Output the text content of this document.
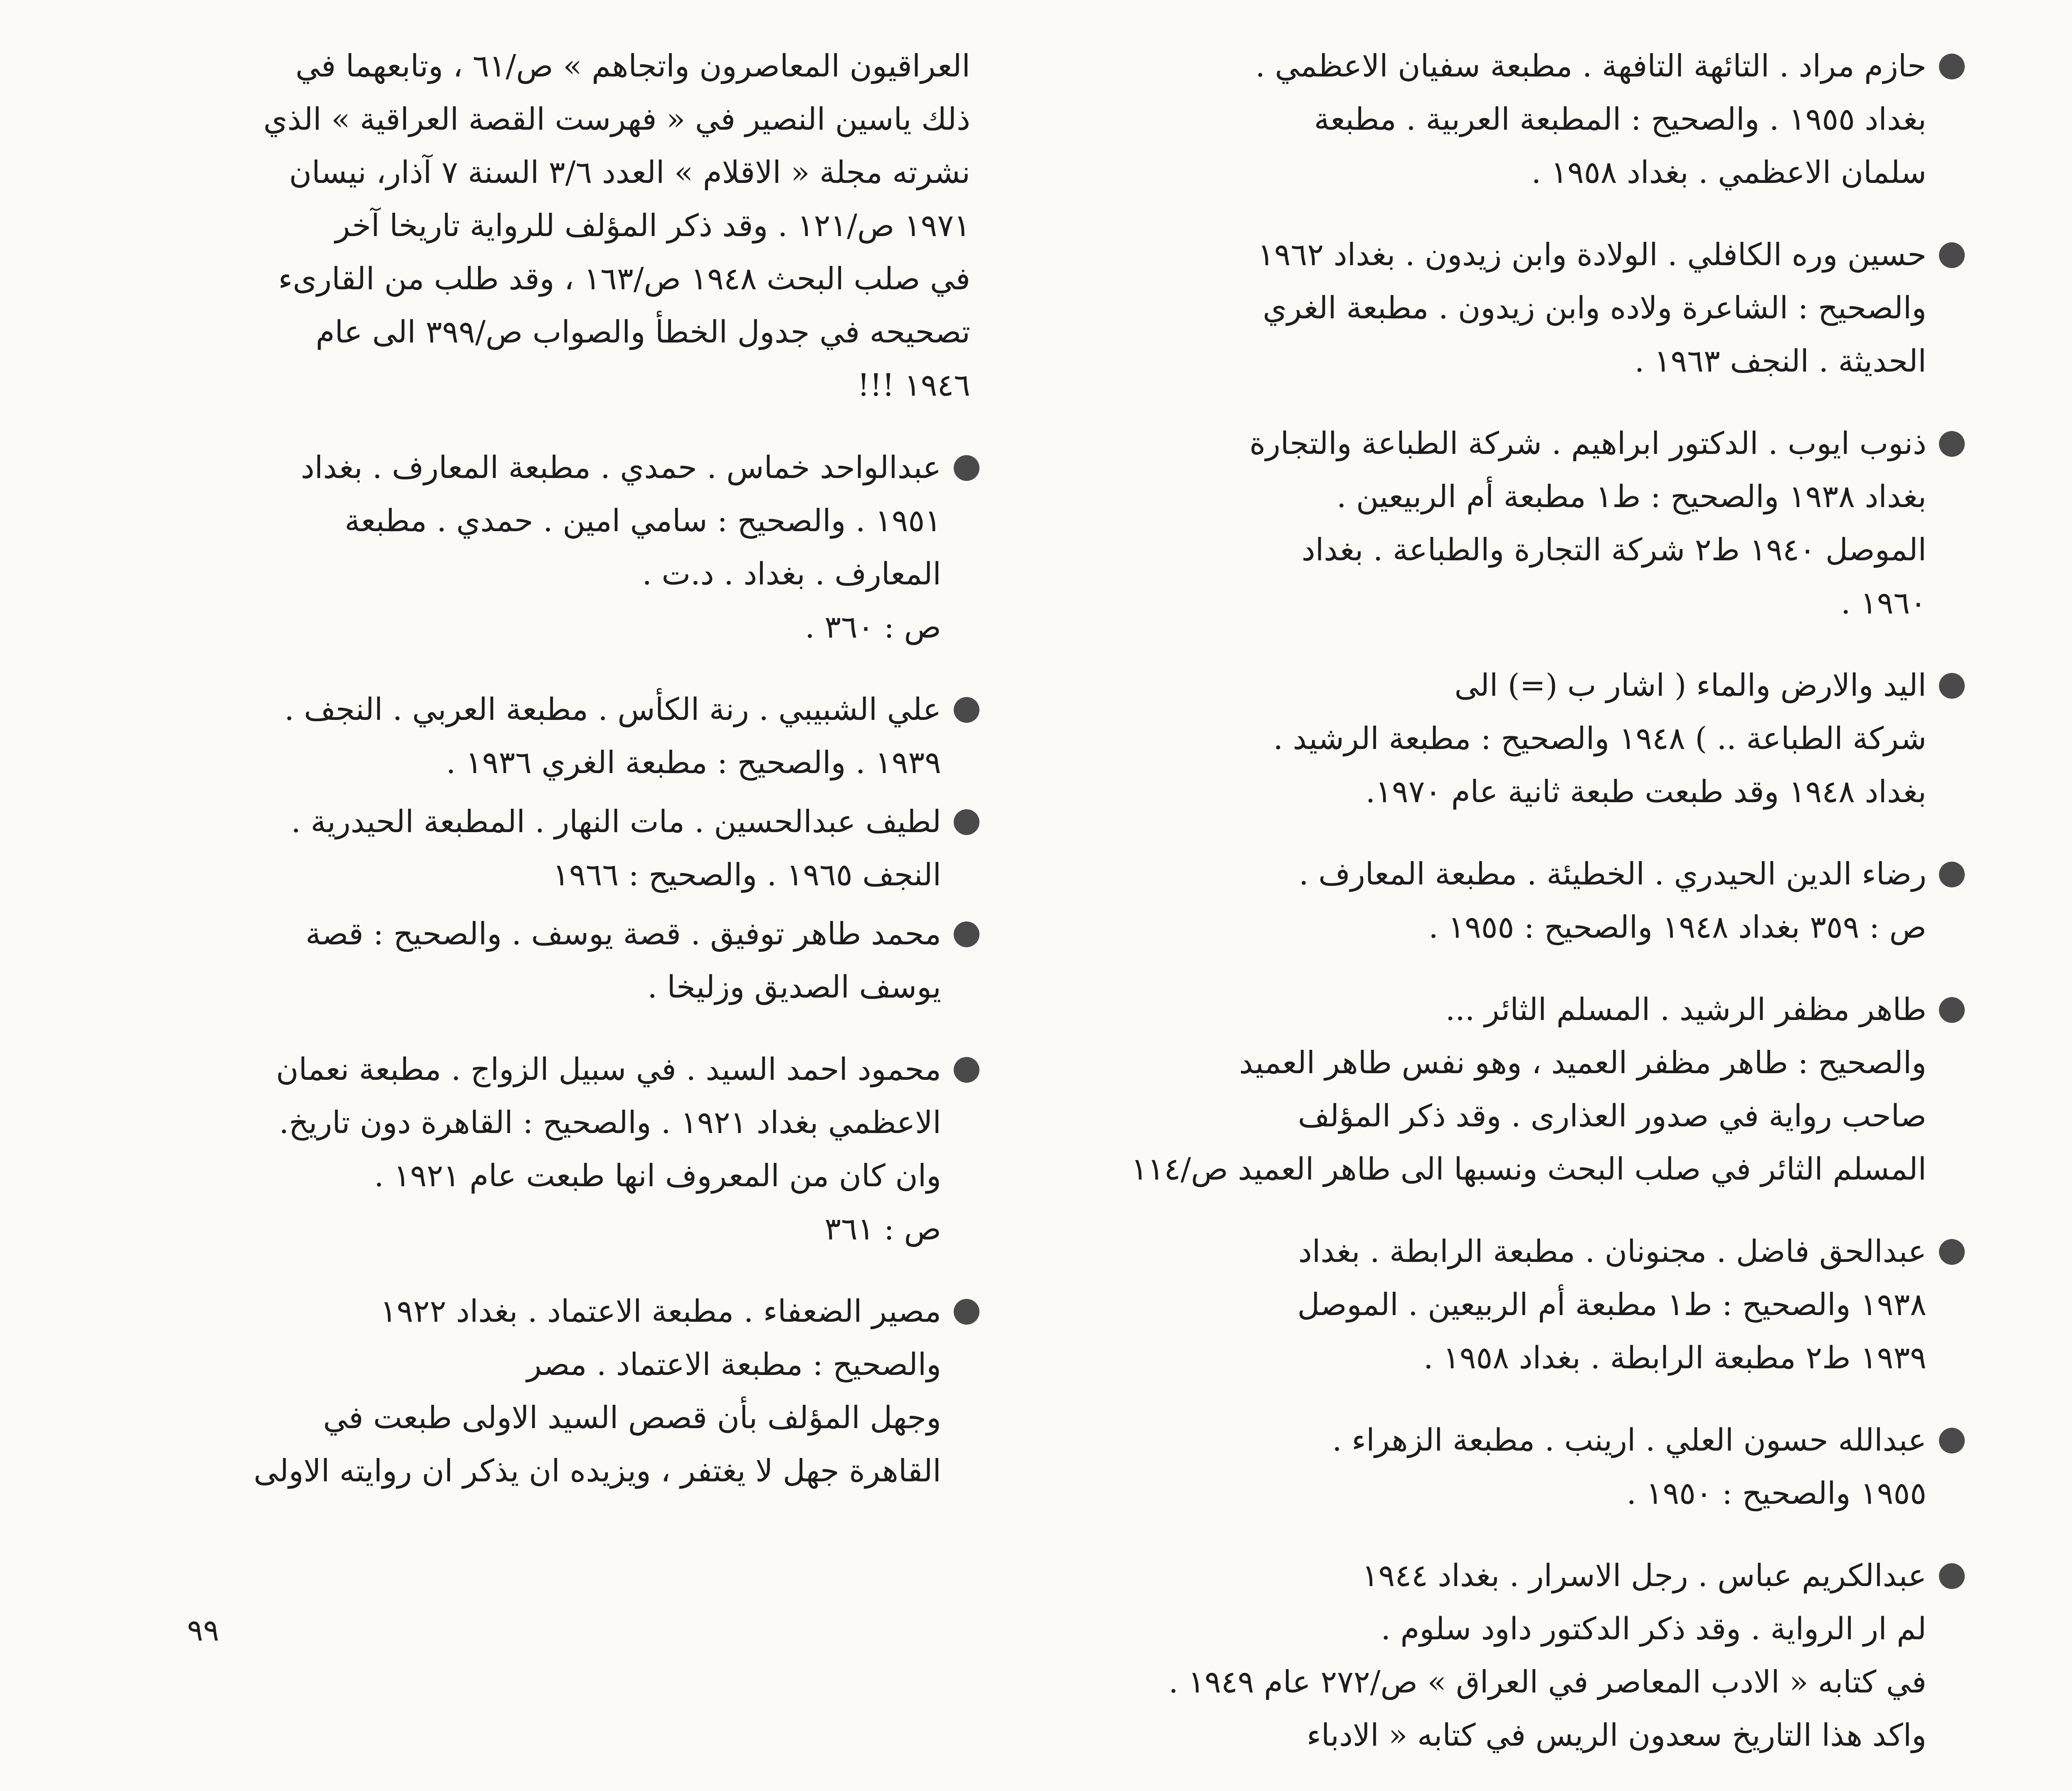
حازم مراد . التائهة التافهة . مطبعة سفيان الاعظمي .
بغداد ١٩٥٥ . والصحيح : المطبعة العربية . مطبعة
سلمان الاعظمي . بغداد ١٩٥٨ .
حسين وره الكافلي . الولادة وابن زيدون . بغداد ١٩٦٢
والصحيح : الشاعرة ولاده وابن زيدون . مطبعة الغري
الحديثة . النجف ١٩٦٣ .
ذنوب ايوب . الدكتور ابراهيم . شركة الطباعة والتجارة
بغداد ١٩٣٨ والصحيح : ط١ مطبعة أم الربيعين .
الموصل ١٩٤٠ ط٢ شركة التجارة والطباعة . بغداد
١٩٦٠ .
اليد والارض والماء ( اشار ب (=) الى
شركة الطباعة .. ) ١٩٤٨ والصحيح : مطبعة الرشيد .
بغداد ١٩٤٨ وقد طبعت طبعة ثانية عام ١٩٧٠.
رضاء الدين الحيدري . الخطيئة . مطبعة المعارف .
ص : ٣٥٩ بغداد ١٩٤٨ والصحيح : ١٩٥٥ .
طاهر مظفر الرشيد . المسلم الثائر ...
والصحيح : طاهر مظفر العميد ، وهو نفس طاهر العميد
صاحب رواية في صدور العذارى . وقد ذكر المؤلف
المسلم الثائر في صلب البحث ونسبها الى طاهر العميد ص/١١٤
عبدالحق فاضل . مجنونان . مطبعة الرابطة . بغداد
١٩٣٨ والصحيح : ط١ مطبعة أم الربيعين . الموصل
١٩٣٩ ط٢ مطبعة الرابطة . بغداد ١٩٥٨ .
عبدالله حسون العلي . ارينب . مطبعة الزهراء .
١٩٥٥ والصحيح : ١٩٥٠ .
عبدالكريم عباس . رجل الاسرار . بغداد ١٩٤٤
لم ار الرواية . وقد ذكر الدكتور داود سلوم .
في كتابه « الادب المعاصر في العراق » ص/٢٧٢ عام ١٩٤٩ .
واكد هذا التاريخ سعدون الريس في كتابه « الادباء
العراقيون المعاصرون واتجاهم » ص/٦١ ، وتابعهما في
ذلك ياسين النصير في « فهرست القصة العراقية » الذي
نشرته مجلة « الاقلام » العدد ٣/٦ السنة ٧ آذار، نيسان
١٩٧١ ص/١٢١ . وقد ذكر المؤلف للرواية تاريخا آخر
في صلب البحث ١٩٤٨ ص/١٦٣ ، وقد طلب من القارىء
تصحيحه في جدول الخطأ والصواب ص/٣٩٩ الى عام
١٩٤٦ !!!
عبدالواحد خماس . حمدي . مطبعة المعارف . بغداد
١٩٥١ . والصحيح : سامي امين . حمدي . مطبعة
المعارف . بغداد . د.ت .
ص : ٣٦٠ .
علي الشبيبي . رنة الكأس . مطبعة العربي . النجف .
١٩٣٩ . والصحيح : مطبعة الغري ١٩٣٦ .
لطيف عبدالحسين . مات النهار . المطبعة الحيدرية .
النجف ١٩٦٥ . والصحيح : ١٩٦٦
محمد طاهر توفيق . قصة يوسف . والصحيح : قصة
يوسف الصديق وزليخا .
محمود احمد السيد . في سبيل الزواج . مطبعة نعمان
الاعظمي بغداد ١٩٢١ . والصحيح : القاهرة دون تاريخ.
وان كان من المعروف انها طبعت عام ١٩٢١ .
ص : ٣٦١
مصير الضعفاء . مطبعة الاعتماد . بغداد ١٩٢٢
والصحيح : مطبعة الاعتماد . مصر
وجهل المؤلف بأن قصص السيد الاولى طبعت في
القاهرة جهل لا يغتفر ، ويزيده ان يذكر ان روايته الاولى
٩٩
